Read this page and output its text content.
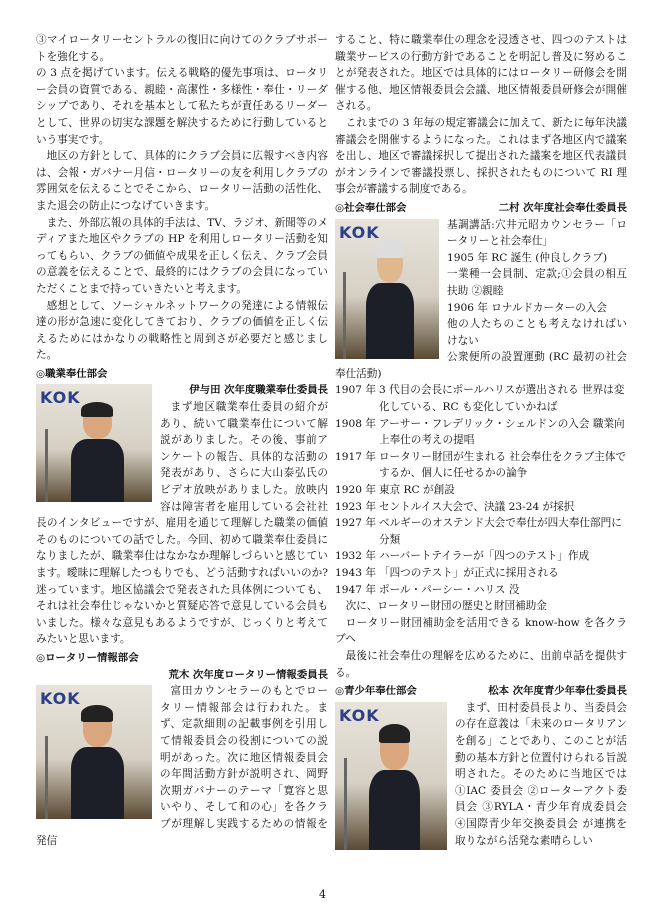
③マイロータリーセントラルの復旧に向けてのクラブサポートを強化する。

の 3 点を掲げています。伝える戦略的優先事項は、ロータリー会員の資質である、親睦・高潔性・多様性・奉仕・リーダシップであり、それを基本として私たちが責任あるリーダーとして、世界の切実な課題を解決するために行動しているという事実です。

地区の方針として、具体的にクラブ会員に広報すべき内容は、会報・ガバナー月信・ロータリーの友を利用しクラブの雰囲気を伝えることでそこから、ロータリー活動の活性化、また退会の防止につなげていきます。

また、外部広報の具体的手法は、TV、ラジオ、新聞等のメディアまた地区やクラブの HP を利用しロータリー活動を知ってもらい、クラブの価値や成果を正しく伝え、クラブ会員の意義を伝えることで、最終的にはクラブの会員になっていただくことまで持っていきたいと考えます。

感想として、ソーシャルネットワークの発達による情報伝達の形が急速に変化してきており、クラブの価値を正しく伝えるためにはかなりの戦略性と周到さが必要だと感じました。

◎職業奉仕部会
KOK	伊与田 次年度職業奉仕委員長

まず地区職業奉仕委員の紹介があり、続いて職業奉仕について解説がありました。その後、事前アンケートの報告、具体的な活動の発表があり、さらに大山泰弘氏のビデオ放映がありました。放映内容は障害者を雇用している会社社長のインタビューですが、雇用を通じて理解した職業の価値そのものについての話でした。今回、初めて職業奉仕委員になりましたが、職業奉仕はなかなか理解しづらいと感じています。曖昧に理解したつもりでも、どう活動すればいいのか?迷っています。地区協議会で発表された具体例についても、それは社会奉仕じゃないかと質疑応答で意見している会員もいました。様々な意見もあるようですが、じっくりと考えてみたいと思います。

◎ロータリー情報部会

荒木 次年度ロータリー情報委員長

KOK	富田カウンセラーのもとでロータリー情報部会は行われた。まず、定款細則の記載事例を引用して情報委員会の役割についての説明があった。次に地区情報委員会の年間活動方針が説明され、岡野次期ガバナーのテーマ「寛容と思いやり、そして和の心」を各クラブが理解し実践するための情報を発信

すること、特に職業奉仕の理念を浸透させ、四つのテストは職業サービスの行動方針であることを明記し普及に努めることが発表された。地区では具体的にはロータリー研修会を開催する他、地区情報委員会会議、地区情報委員研修会が開催される。

これまでの 3 年毎の規定審議会に加えて、新たに毎年決議審議会を開催するようになった。これはまず各地区内で議案を出し、地区で審議採択して提出された議案を地区代表議員がオンラインで審議投票し、採択されたものについて RI 理事会が審議する制度である。

◎社会奉仕部会	二村 次年度社会奉仕委員長
KOK	基調講話:穴井元昭カウンセラー「ロータリーと社会奉仕」

1905 年 RC 誕生 (仲良しクラブ)

一業種一会員制、定款;①会員の相互扶助 ②親睦

1906 年 ロナルドカーターの入会

他の人たちのことも考えなければいけない

公衆便所の設置運動 (RC 最初の社会奉仕活動)

1907 年 3 代目の会長にポールハリスが選出される 世界は変化している、RC も変化していかねば
1908 年 アーサー・フレデリック・シェルドンの入会 職業向上奉仕の考えの提唱
1917 年 ロータリー財団が生まれる 社会奉仕をクラブ主体でするか、個人に任せるかの論争
1920 年 東京 RC が創設
1923 年 セントルイス大会で、決議 23-24 が採択
1927 年 ベルギーのオステンド大会で奉仕が四大奉仕部門に分類
1932 年 ハーバートテイラーが「四つのテスト」作成
1943 年 「四つのテスト」が正式に採用される
1947 年 ポール・パーシー・ハリス 没

次に、ロータリー財団の歴史と財団補助金

ロータリー財団補助金を活用できる know-how を各クラブへ

最後に社会奉仕の理解を広めるために、出前卓話を提供する。

◎青少年奉仕部会	松本 次年度青少年奉仕委員長
KOK	まず、田村委員長より、当委員会の存在意義は「未来のロータリアンを創る」ことであり、このことが活動の基本方針と位置付けられる旨説明された。そのために当地区では ①IAC 委員会 ②ローターアクト委員会 ③RYLA・青少年育成委員会 ④国際青少年交換委員会 が連携を取りながら活発な素晴らしい

4
